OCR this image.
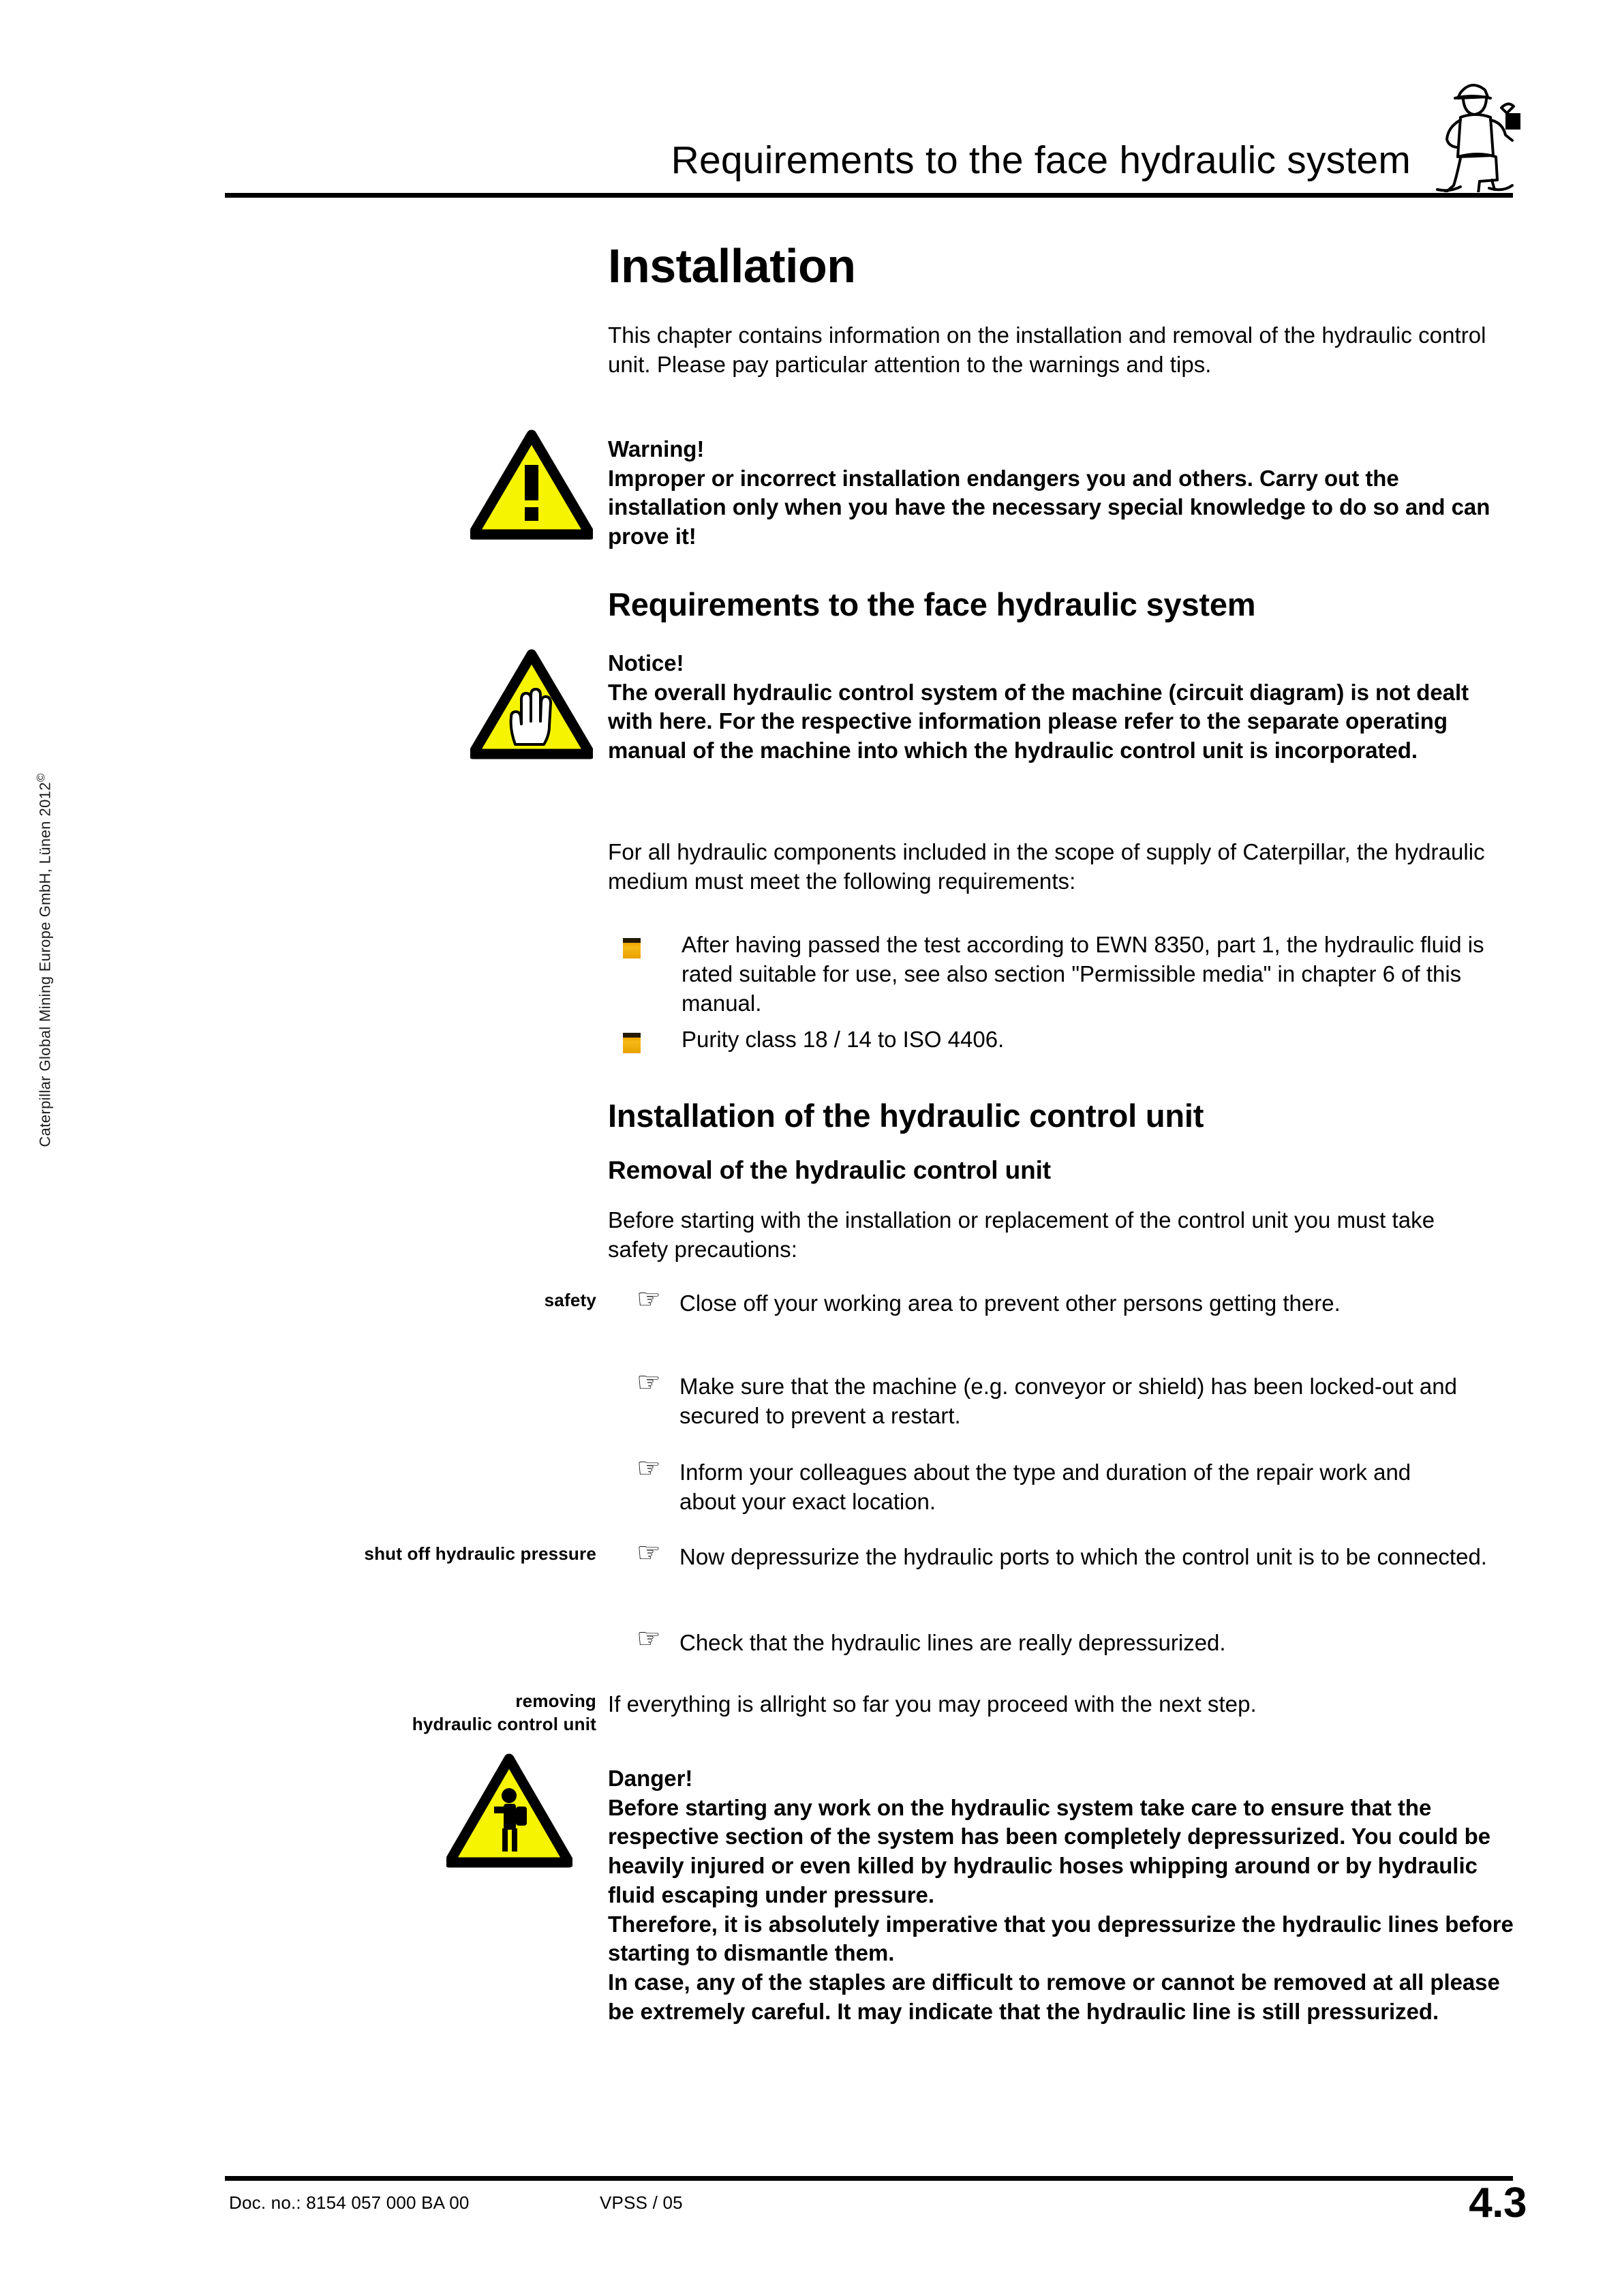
Requirements to the face hydraulic system
Caterpillar Global Mining Europe GmbH, Lünen 2012©
Installation

This chapter contains information on the installation and removal of the hydraulic control unit. Please pay particular attention to the warnings and tips.

Warning!

Improper or incorrect installation endangers you and others. Carry out the installation only when you have the necessary special knowledge to do so and can prove it!

Requirements to the face hydraulic system

Notice!

The overall hydraulic control system of the machine (circuit diagram) is not dealt with here. For the respective information please refer to the separate operating manual of the machine into which the hydraulic control unit is incorporated.

For all hydraulic components included in the scope of supply of Caterpillar, the hydraulic medium must meet the following requirements:

After having passed the test according to EWN 8350, part 1, the hydraulic fluid is rated suitable for use, see also section "Permissible media" in chapter 6 of this manual.

Purity class 18 / 14 to ISO 4406.

Installation of the hydraulic control unit
Removal of the hydraulic control unit

Before starting with the installation or replacement of the control unit you must take safety precautions:

safety ☞ Close off your working area to prevent other persons getting there.

☞ Make sure that the machine (e.g. conveyor or shield) has been locked-out and secured to prevent a restart.

☞ Inform your colleagues about the type and duration of the repair work and about your exact location.

shut off hydraulic pressure ☞ Now depressurize the hydraulic ports to which the control unit is to be connected.

☞ Check that the hydraulic lines are really depressurized.

removing
hydraulic control unit

If everything is allright so far you may proceed with the next step.

Danger!

Before starting any work on the hydraulic system take care to ensure that the respective section of the system has been completely depressurized. You could be heavily injured or even killed by hydraulic hoses whipping around or by hydraulic fluid escaping under pressure.

Therefore, it is absolutely imperative that you depressurize the hydraulic lines before starting to dismantle them.

In case, any of the staples are difficult to remove or cannot be removed at all please be extremely careful. It may indicate that the hydraulic line is still pressurized.

Doc. no.: 8154 057 000 BA 00	VPSS / 05	4.3
